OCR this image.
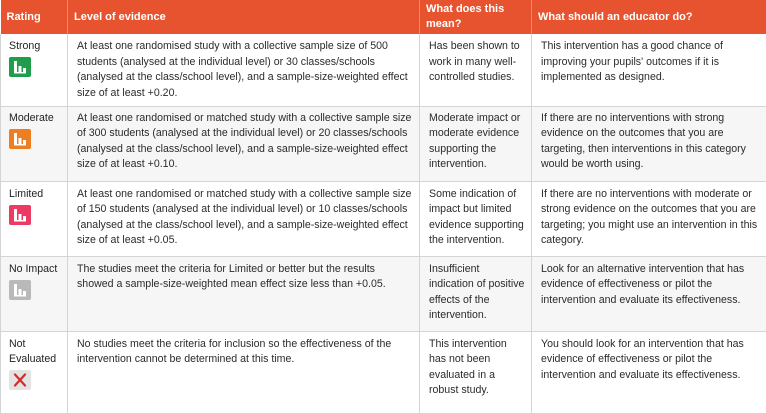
Rating	Level of evidence	What does this mean?	What should an educator do?

Strong	At least one randomised study with a collective sample size of 500 students (analysed at the individual level) or 30 classes/schools (analysed at the class/school level), and a sample-size-weighted effect size of at least +0.20.	Has been shown to work in many well-controlled studies.	This intervention has a good chance of improving your pupils' outcomes if it is implemented as designed.

Moderate	At least one randomised or matched study with a collective sample size of 300 students (analysed at the individual level) or 20 classes/schools (analysed at the class/school level), and a sample-size-weighted effect size of at least +0.10.	Moderate impact or moderate evidence supporting the intervention.	If there are no interventions with strong evidence on the outcomes that you are targeting, then interventions in this category would be worth using.

Limited	At least one randomised or matched study with a collective sample size of 150 students (analysed at the individual level) or 10 classes/schools (analysed at the class/school level), and a sample-size-weighted effect size of at least +0.05.	Some indication of impact but limited evidence supporting the intervention.	If there are no interventions with moderate or strong evidence on the outcomes that you are targeting; you might use an intervention in this category.

No Impact	The studies meet the criteria for Limited or better but the results showed a sample-size-weighted mean effect size less than +0.05.	Insufficient indication of positive effects of the intervention.	Look for an alternative intervention that has evidence of effectiveness or pilot the intervention and evaluate its effectiveness.

Not Evaluated	No studies meet the criteria for inclusion so the effectiveness of the intervention cannot be determined at this time.	This intervention has not been evaluated in a robust study.	You should look for an intervention that has evidence of effectiveness or pilot the intervention and evaluate its effectiveness.
